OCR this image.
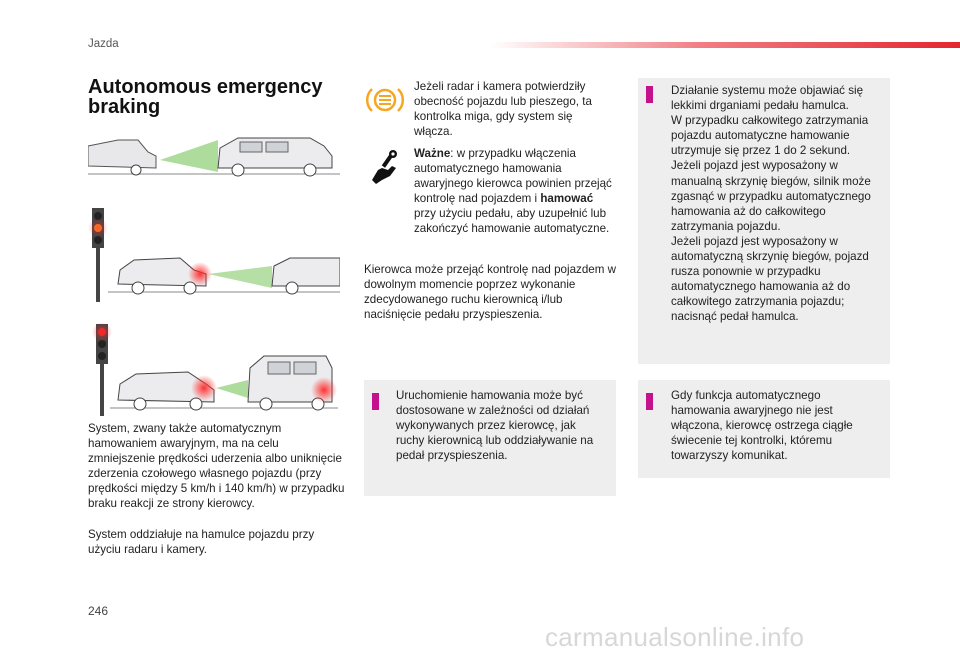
Jazda
Autonomous emergency braking

System, zwany także automatycznym hamowaniem awaryjnym, ma na celu zmniejszenie prędkości uderzenia albo uniknięcie zderzenia czołowego własnego pojazdu (przy prędkości między 5 km/h i 140 km/h) w przypadku braku reakcji ze strony kierowcy.

System oddziałuje na hamulce pojazdu przy użyciu radaru i kamery.

Jeżeli radar i kamera potwierdziły obecność pojazdu lub pieszego, ta kontrolka miga, gdy system się włącza.

Ważne: w przypadku włączenia automatycznego hamowania awaryjnego kierowca powinien przejąć kontrolę nad pojazdem i hamować przy użyciu pedału, aby uzupełnić lub zakończyć hamowanie automatyczne.

Kierowca może przejąć kontrolę nad pojazdem w dowolnym momencie poprzez wykonanie zdecydowanego ruchu kierownicą i/lub naciśnięcie pedału przyspieszenia.

Uruchomienie hamowania może być dostosowane w zależności od działań wykonywanych przez kierowcę, jak ruchy kierownicą lub oddziaływanie na pedał przyspieszenia.

Działanie systemu może objawiać się lekkimi drganiami pedału hamulca.
W przypadku całkowitego zatrzymania pojazdu automatyczne hamowanie utrzymuje się przez 1 do 2 sekund.
Jeżeli pojazd jest wyposażony w manualną skrzynię biegów, silnik może zgasnąć w przypadku automatycznego hamowania aż do całkowitego zatrzymania pojazdu.
Jeżeli pojazd jest wyposażony w automatyczną skrzynię biegów, pojazd rusza ponownie w przypadku automatycznego hamowania aż do całkowitego zatrzymania pojazdu; nacisnąć pedał hamulca.

Gdy funkcja automatycznego hamowania awaryjnego nie jest włączona, kierowcę ostrzega ciągłe świecenie tej kontrolki, któremu towarzyszy komunikat.

246
carmanualsonline.info
